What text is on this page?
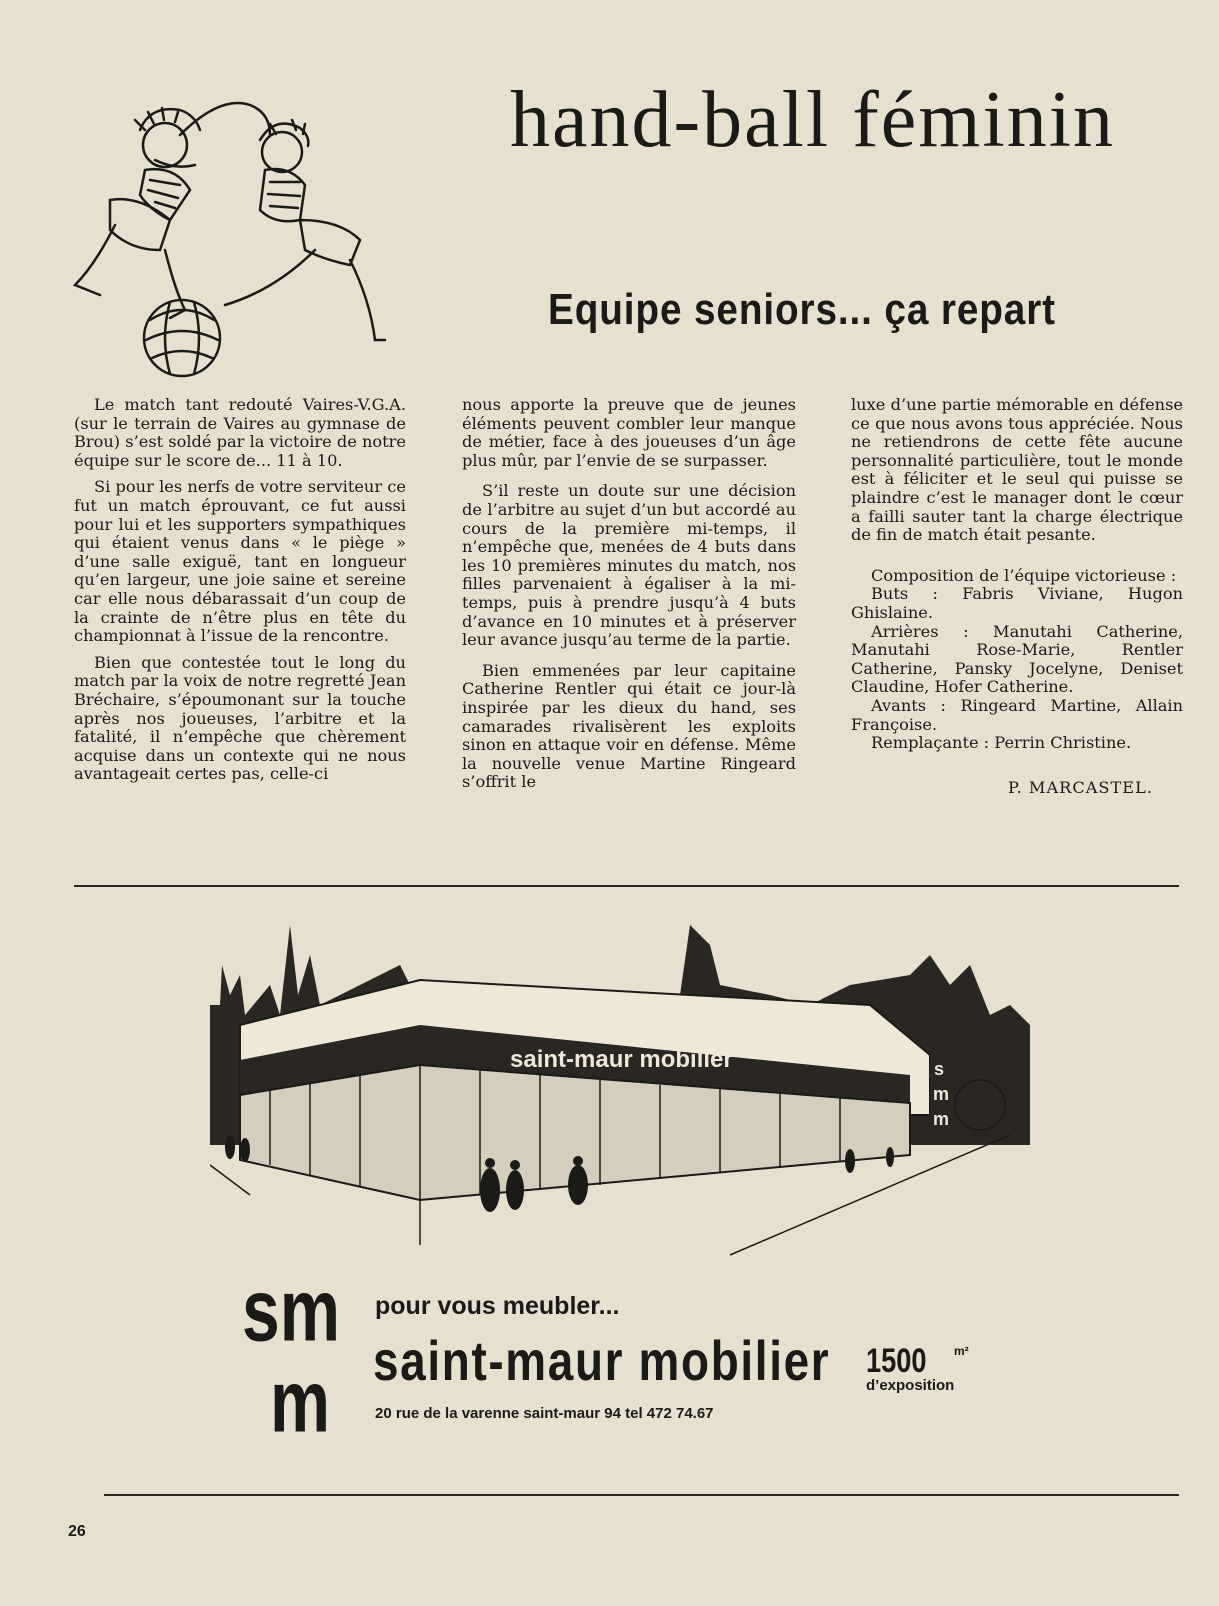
hand-ball féminin
Equipe seniors... ça repart

Le match tant redouté Vaires-V.G.A. (sur le terrain de Vaires au gymnase de Brou) s’est soldé par la victoire de notre équipe sur le score de... 11 à 10.

Si pour les nerfs de votre serviteur ce fut un match éprouvant, ce fut aussi pour lui et les supporters sympathiques qui étaient venus dans « le piège » d’une salle exiguë, tant en longueur qu’en largeur, une joie saine et sereine car elle nous débarassait d’un coup de la crainte de n’être plus en tête du championnat à l’issue de la rencontre.

Bien que contestée tout le long du match par la voix de notre regretté Jean Bréchaire, s’époumonant sur la touche après nos joueuses, l’arbitre et la fatalité, il n’empêche que chèrement acquise dans un contexte qui ne nous avantageait certes pas, celle-ci

nous apporte la preuve que de jeunes éléments peuvent combler leur manque de métier, face à des joueuses d’un âge plus mûr, par l’envie de se surpasser.

S’il reste un doute sur une décision de l’arbitre au sujet d’un but accordé au cours de la première mi-temps, il n’empêche que, menées de 4 buts dans les 10 premières minutes du match, nos filles parvenaient à égaliser à la mi-temps, puis à prendre jusqu’à 4 buts d’avance en 10 minutes et à préserver leur avance jusqu’au terme de la partie.

Bien emmenées par leur capitaine Catherine Rentler qui était ce jour-là inspirée par les dieux du hand, ses camarades rivalisèrent les exploits sinon en attaque voir en défense. Même la nouvelle venue Martine Ringeard s’offrit le

luxe d’une partie mémorable en défense ce que nous avons tous appréciée. Nous ne retiendrons de cette fête aucune personnalité particulière, tout le monde est à féliciter et le seul qui puisse se plaindre c’est le manager dont le cœur a failli sauter tant la charge électrique de fin de match était pesante.

Composition de l’équipe victorieuse :

Buts : Fabris Viviane, Hugon Ghislaine.

Arrières : Manutahi Catherine, Manutahi Rose-Marie, Rentler Catherine, Pansky Jocelyne, Deniset Claudine, Hofer Catherine.

Avants : Ringeard Martine, Allain Françoise.

Remplaçante : Perrin Christine.

P. MARCASTEL.
saint-maur mobilier	s
m
m
sm
m

pour vous meubler...

saint-maur mobilier 1500 m²
d’exposition

20 rue de la varenne saint-maur 94 tel 472 74.67

26
